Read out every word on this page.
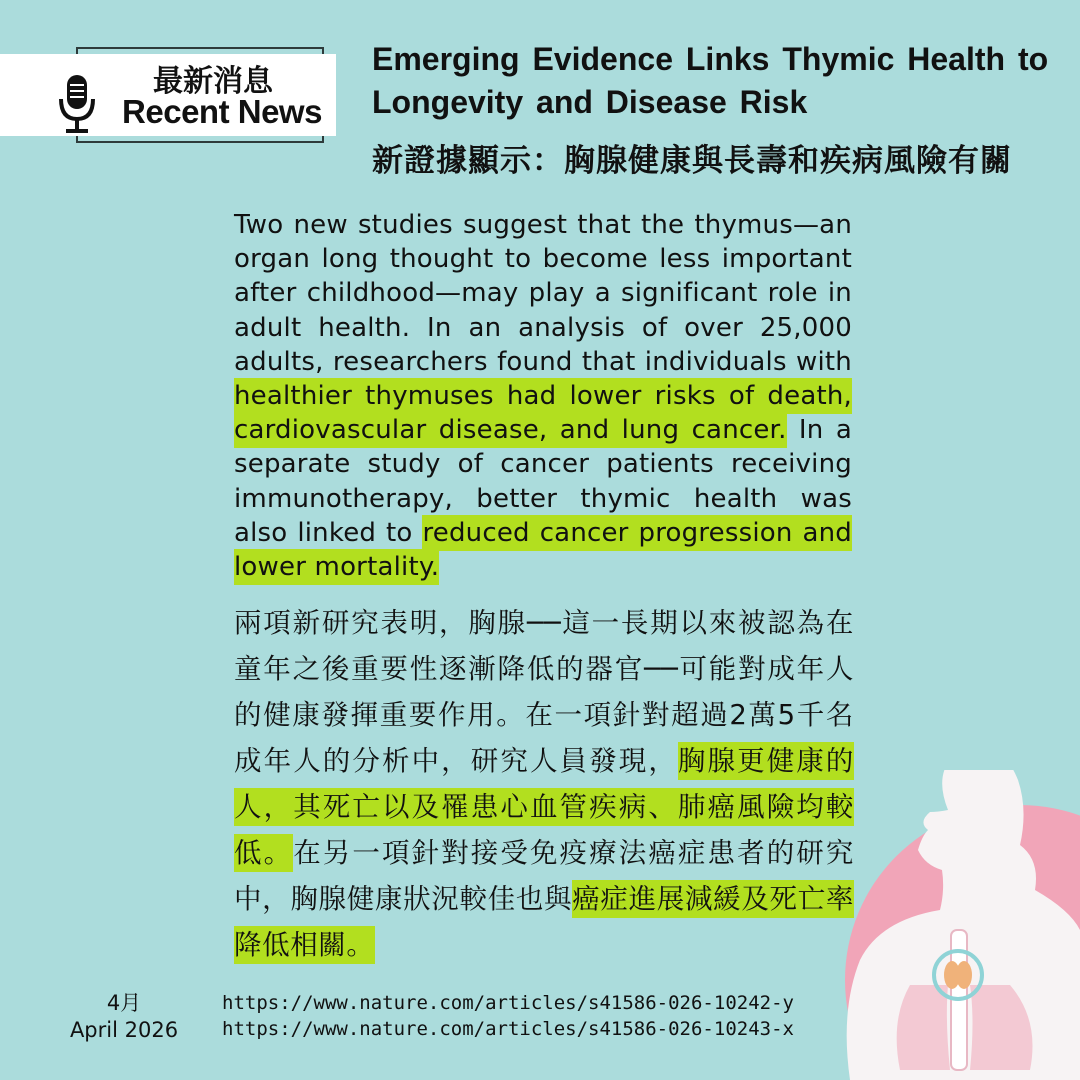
最新消息
Recent News
Emerging Evidence Links Thymic Health to Longevity and Disease Risk
新證據顯示：胸腺健康與長壽和疾病風險有關
Two new studies suggest that the thymus—an organ long thought to become less important after childhood—may play a significant role in adult health. In an analysis of over 25,000 adults, researchers found that individuals with healthier thymuses had lower risks of death, cardiovascular disease, and lung cancer. In a separate study of cancer patients receiving immunotherapy, better thymic health was also linked to reduced cancer progression and lower mortality.
兩項新研究表明，胸腺──這一長期以來被認為在童年之後重要性逐漸降低的器官──可能對成年人的健康發揮重要作用。在一項針對超過2萬5千名成年人的分析中，研究人員發現，胸腺更健康的人，其死亡以及罹患心血管疾病、肺癌風險均較低。在另一項針對接受免疫療法癌症患者的研究中，胸腺健康狀況較佳也與癌症進展減緩及死亡率降低相關。
4月
April 2026
https://www.nature.com/articles/s41586-026-10242-y
https://www.nature.com/articles/s41586-026-10243-x
